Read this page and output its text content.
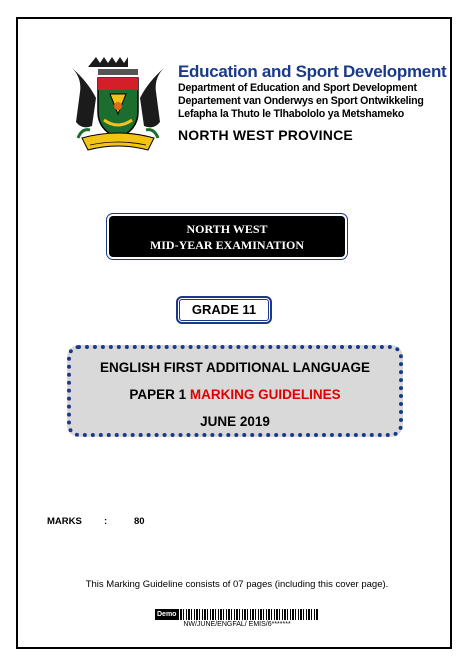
Education and Sport Development
Department of Education and Sport Development
Departement van Onderwys en Sport Ontwikkeling
Lefapha la Thuto le Tlhabololo ya Metshameko
NORTH WEST PROVINCE
NORTH WEST
MID-YEAR EXAMINATION
GRADE 11
ENGLISH FIRST ADDITIONAL LANGUAGE
PAPER 1 MARKING GUIDELINES
JUNE 2019
MARKS :	80
This Marking Guideline consists of 07 pages (including this cover page).
Demo
NW/JUNE/ENGFAL/ EMIS/6*******
